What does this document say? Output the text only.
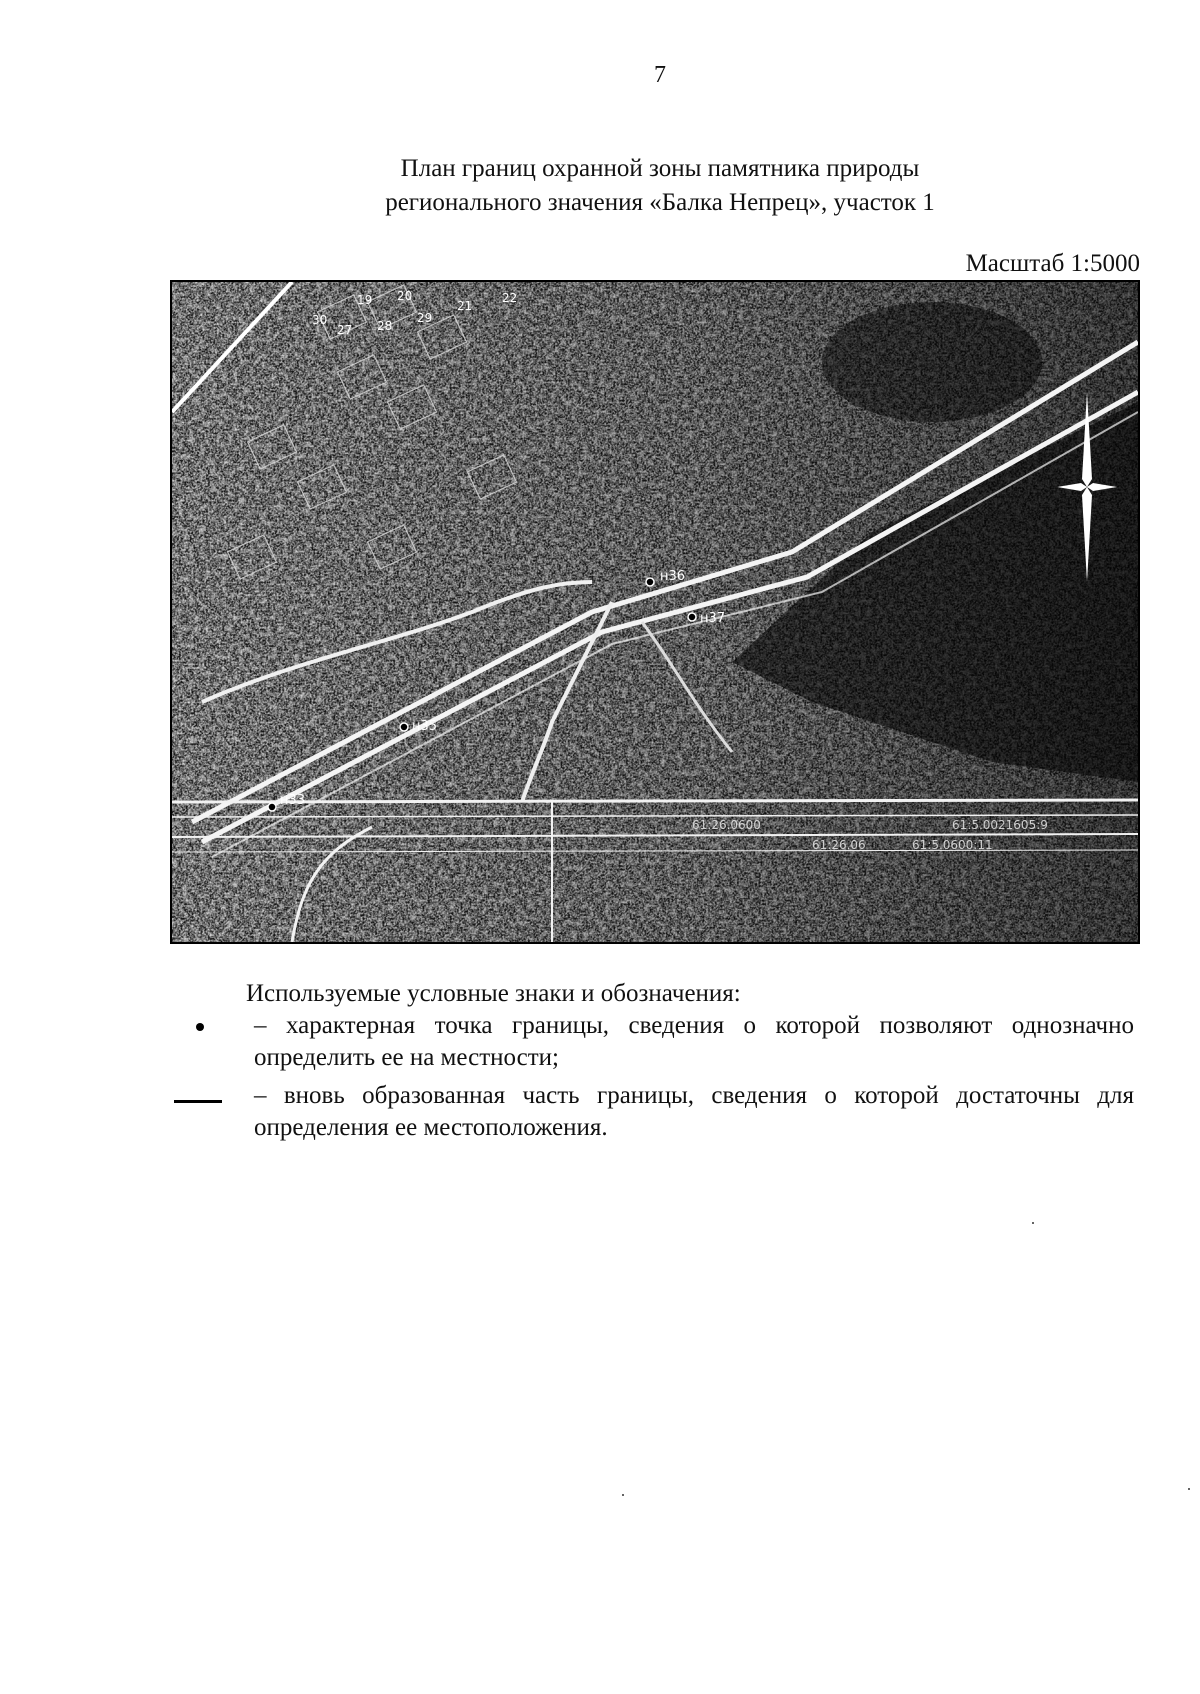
7
План границ охранной зоны памятника природы
регионального значения «Балка Непрец», участок 1
Масштаб 1:5000
19 20
21
22
27 28
29
30
н36
н37
н35
н33
61:26.0600	61:5.0021605:9
61:26.06	61:5.0600:11
Используемые условные знаки и обозначения:
– характерная точка границы, сведения о которой позволяют однозначно определить ее на местности;
– вновь образованная часть границы, сведения о которой достаточны для определения ее местоположения.
